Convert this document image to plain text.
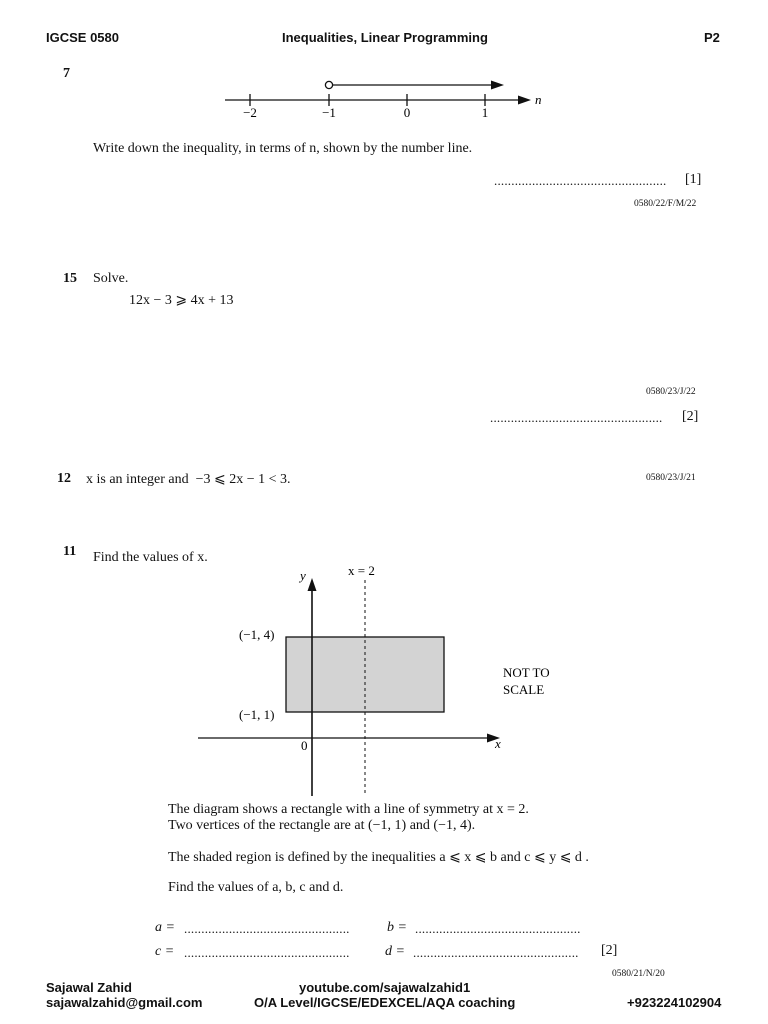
IGCSE 0580	Inequalities, Linear Programming	P2
7
−2	−1	0	1
n
Write down the inequality, in terms of n, shown by the number line.
.................................................. [1]
0580/22/F/M/22
15 Solve.
12x − 3 ⩾ 4x + 13
0580/23/J/22
.................................................. [2]
12 x is an integer and  −3 ⩽ 2x − 1 < 3.	0580/23/J/21
11 Find the values of x.
y
x
0
x = 2
(−1, 4)
(−1, 1)
NOT TO
SCALE
The diagram shows a rectangle with a line of symmetry at x = 2.
Two vertices of the rectangle are at (−1, 1) and (−1, 4).
The shaded region is defined by the inequalities a ⩽ x ⩽ b and c ⩽ y ⩽ d .
Find the values of a, b, c and d.
a = ................................................	b = ................................................
c = ................................................	d = ................................................ [2]
0580/21/N/20
Sajawal Zahid
sajawalzahid@gmail.com
youtube.com/sajawalzahid1
O/A Level/IGCSE/EDEXCEL/AQA coaching	+923224102904
